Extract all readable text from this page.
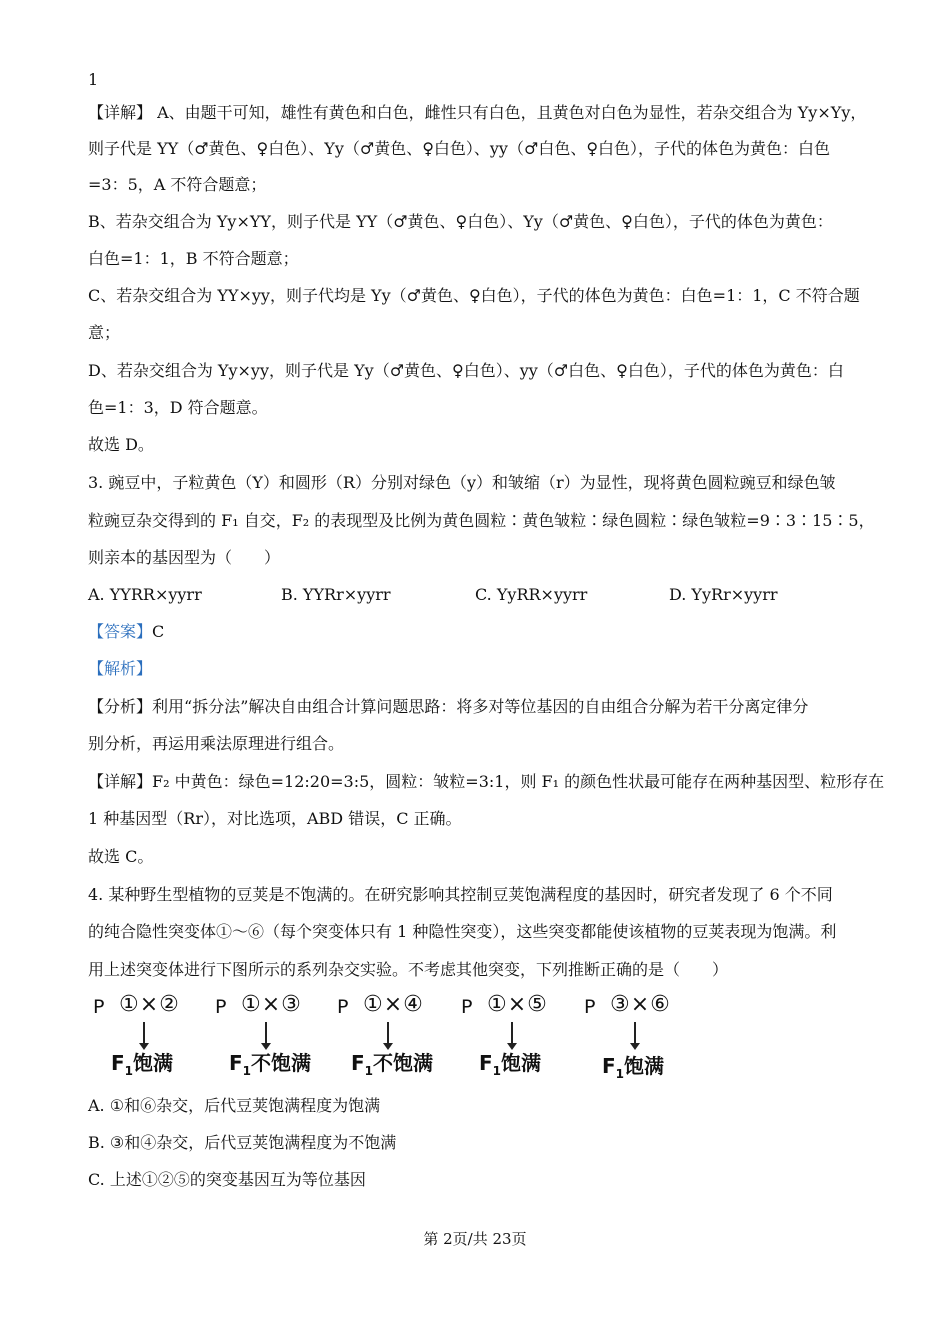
1
【详解】 A、由题干可知，雄性有黄色和白色，雌性只有白色，且黄色对白色为显性，若杂交组合为 Yy×Yy，
则子代是 YY（♂黄色、♀白色）、Yy（♂黄色、♀白色）、yy（♂白色、♀白色），子代的体色为黄色：白色
=3：5，A 不符合题意；
B、若杂交组合为 Yy×YY，则子代是 YY（♂黄色、♀白色）、Yy（♂黄色、♀白色），子代的体色为黄色：
白色=1：1，B 不符合题意；
C、若杂交组合为 YY×yy，则子代均是 Yy（♂黄色、♀白色），子代的体色为黄色：白色=1：1，C 不符合题
意；
D、若杂交组合为 Yy×yy，则子代是 Yy（♂黄色、♀白色）、yy（♂白色、♀白色），子代的体色为黄色：白
色=1：3，D 符合题意。
故选 D。
3. 豌豆中，子粒黄色（Y）和圆形（R）分别对绿色（y）和皱缩（r）为显性，现将黄色圆粒豌豆和绿色皱
粒豌豆杂交得到的 F₁ 自交，F₂ 的表现型及比例为黄色圆粒∶黄色皱粒∶绿色圆粒∶绿色皱粒=9∶3∶15∶5，
则亲本的基因型为（　　）
A. YYRR×yyrr	B. YYRr×yyrr	C. YyRR×yyrr	D. YyRr×yyrr
【答案】C
【解析】
【分析】利用“拆分法”解决自由组合计算问题思路：将多对等位基因的自由组合分解为若干分离定律分
别分析，再运用乘法原理进行组合。
【详解】F₂ 中黄色：绿色=12:20=3:5，圆粒：皱粒=3:1，则 F₁ 的颜色性状最可能存在两种基因型、粒形存在
1 种基因型（Rr），对比选项，ABD 错误，C 正确。
故选 C。
4. 某种野生型植物的豆荚是不饱满的。在研究影响其控制豆荚饱满程度的基因时，研究者发现了 6 个不同
的纯合隐性突变体①～⑥（每个突变体只有 1 种隐性突变），这些突变都能使该植物的豆荚表现为饱满。利
用上述突变体进行下图所示的系列杂交实验。不考虑其他突变，下列推断正确的是（　　）
P ①×②
$F_1$饱满
P ①×③
$F_1$不饱满
P ①×④
$F_1$不饱满
P ①×⑤
$F_1$饱满
P ③×⑥
$F_1$饱满
A. ①和⑥杂交，后代豆荚饱满程度为饱满
B. ③和④杂交，后代豆荚饱满程度为不饱满
C. 上述①②⑤的突变基因互为等位基因
第 2页/共 23页
